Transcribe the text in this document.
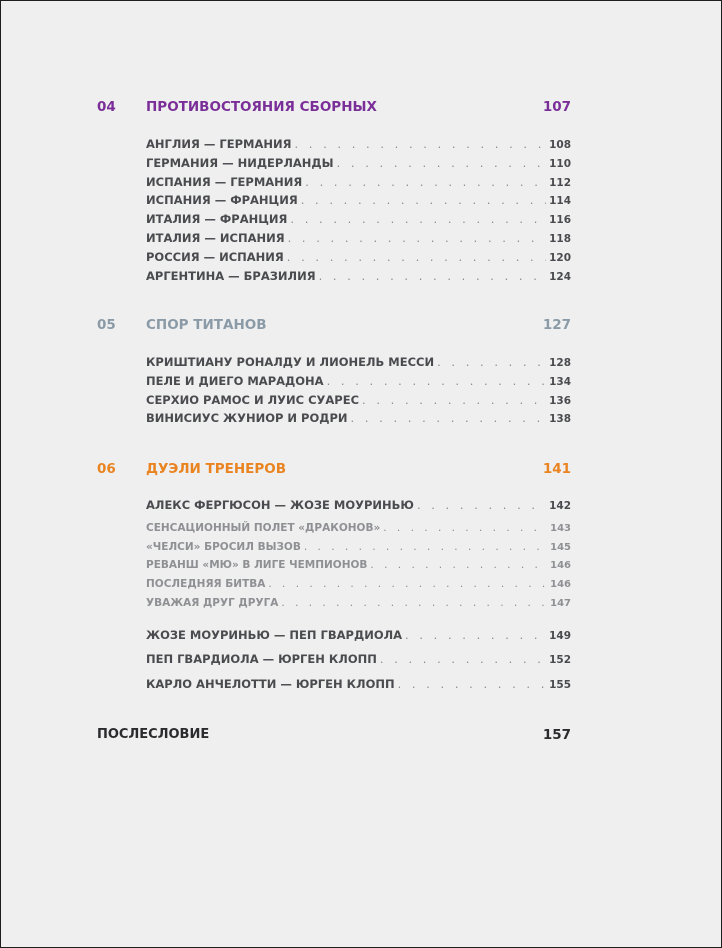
04 ПРОТИВОСТОЯНИЯ СБОРНЫХ	107
АНГЛИЯ — ГЕРМАНИЯ . . .	108
ГЕРМАНИЯ — НИДЕРЛАНДЫ . . .	110
ИСПАНИЯ — ГЕРМАНИЯ . . .	112
ИСПАНИЯ — ФРАНЦИЯ . . .	114
ИТАЛИЯ — ФРАНЦИЯ . . .	116
ИТАЛИЯ — ИСПАНИЯ . . .	118
РОССИЯ — ИСПАНИЯ . . .	120
АРГЕНТИНА — БРАЗИЛИЯ . . .	124
05 СПОР ТИТАНОВ	127
КРИШТИАНУ РОНАЛДУ И ЛИОНЕЛЬ МЕССИ . . .	128
ПЕЛЕ И ДИЕГО МАРАДОНА . . .	134
СЕРХИО РАМОС И ЛУИС СУАРЕС . . .	136
ВИНИСИУС ЖУНИОР И РОДРИ . . .	138
06 ДУЭЛИ ТРЕНЕРОВ	141
АЛЕКС ФЕРГЮСОН — ЖОЗЕ МОУРИНЬЮ . . .	142
СЕНСАЦИОННЫЙ ПОЛЕТ «ДРАКОНОВ» . . .	143
«ЧЕЛСИ» БРОСИЛ ВЫЗОВ . . .	145
РЕВАНШ «МЮ» В ЛИГЕ ЧЕМПИОНОВ . . .	146
ПОСЛЕДНЯЯ БИТВА . . .	146
УВАЖАЯ ДРУГ ДРУГА . . .	147
ЖОЗЕ МОУРИНЬЮ — ПЕП ГВАРДИОЛА . . .	149
ПЕП ГВАРДИОЛА — ЮРГЕН КЛОПП . . .	152
КАРЛО АНЧЕЛОТТИ — ЮРГЕН КЛОПП . . .	155
ПОСЛЕСЛОВИЕ	157
